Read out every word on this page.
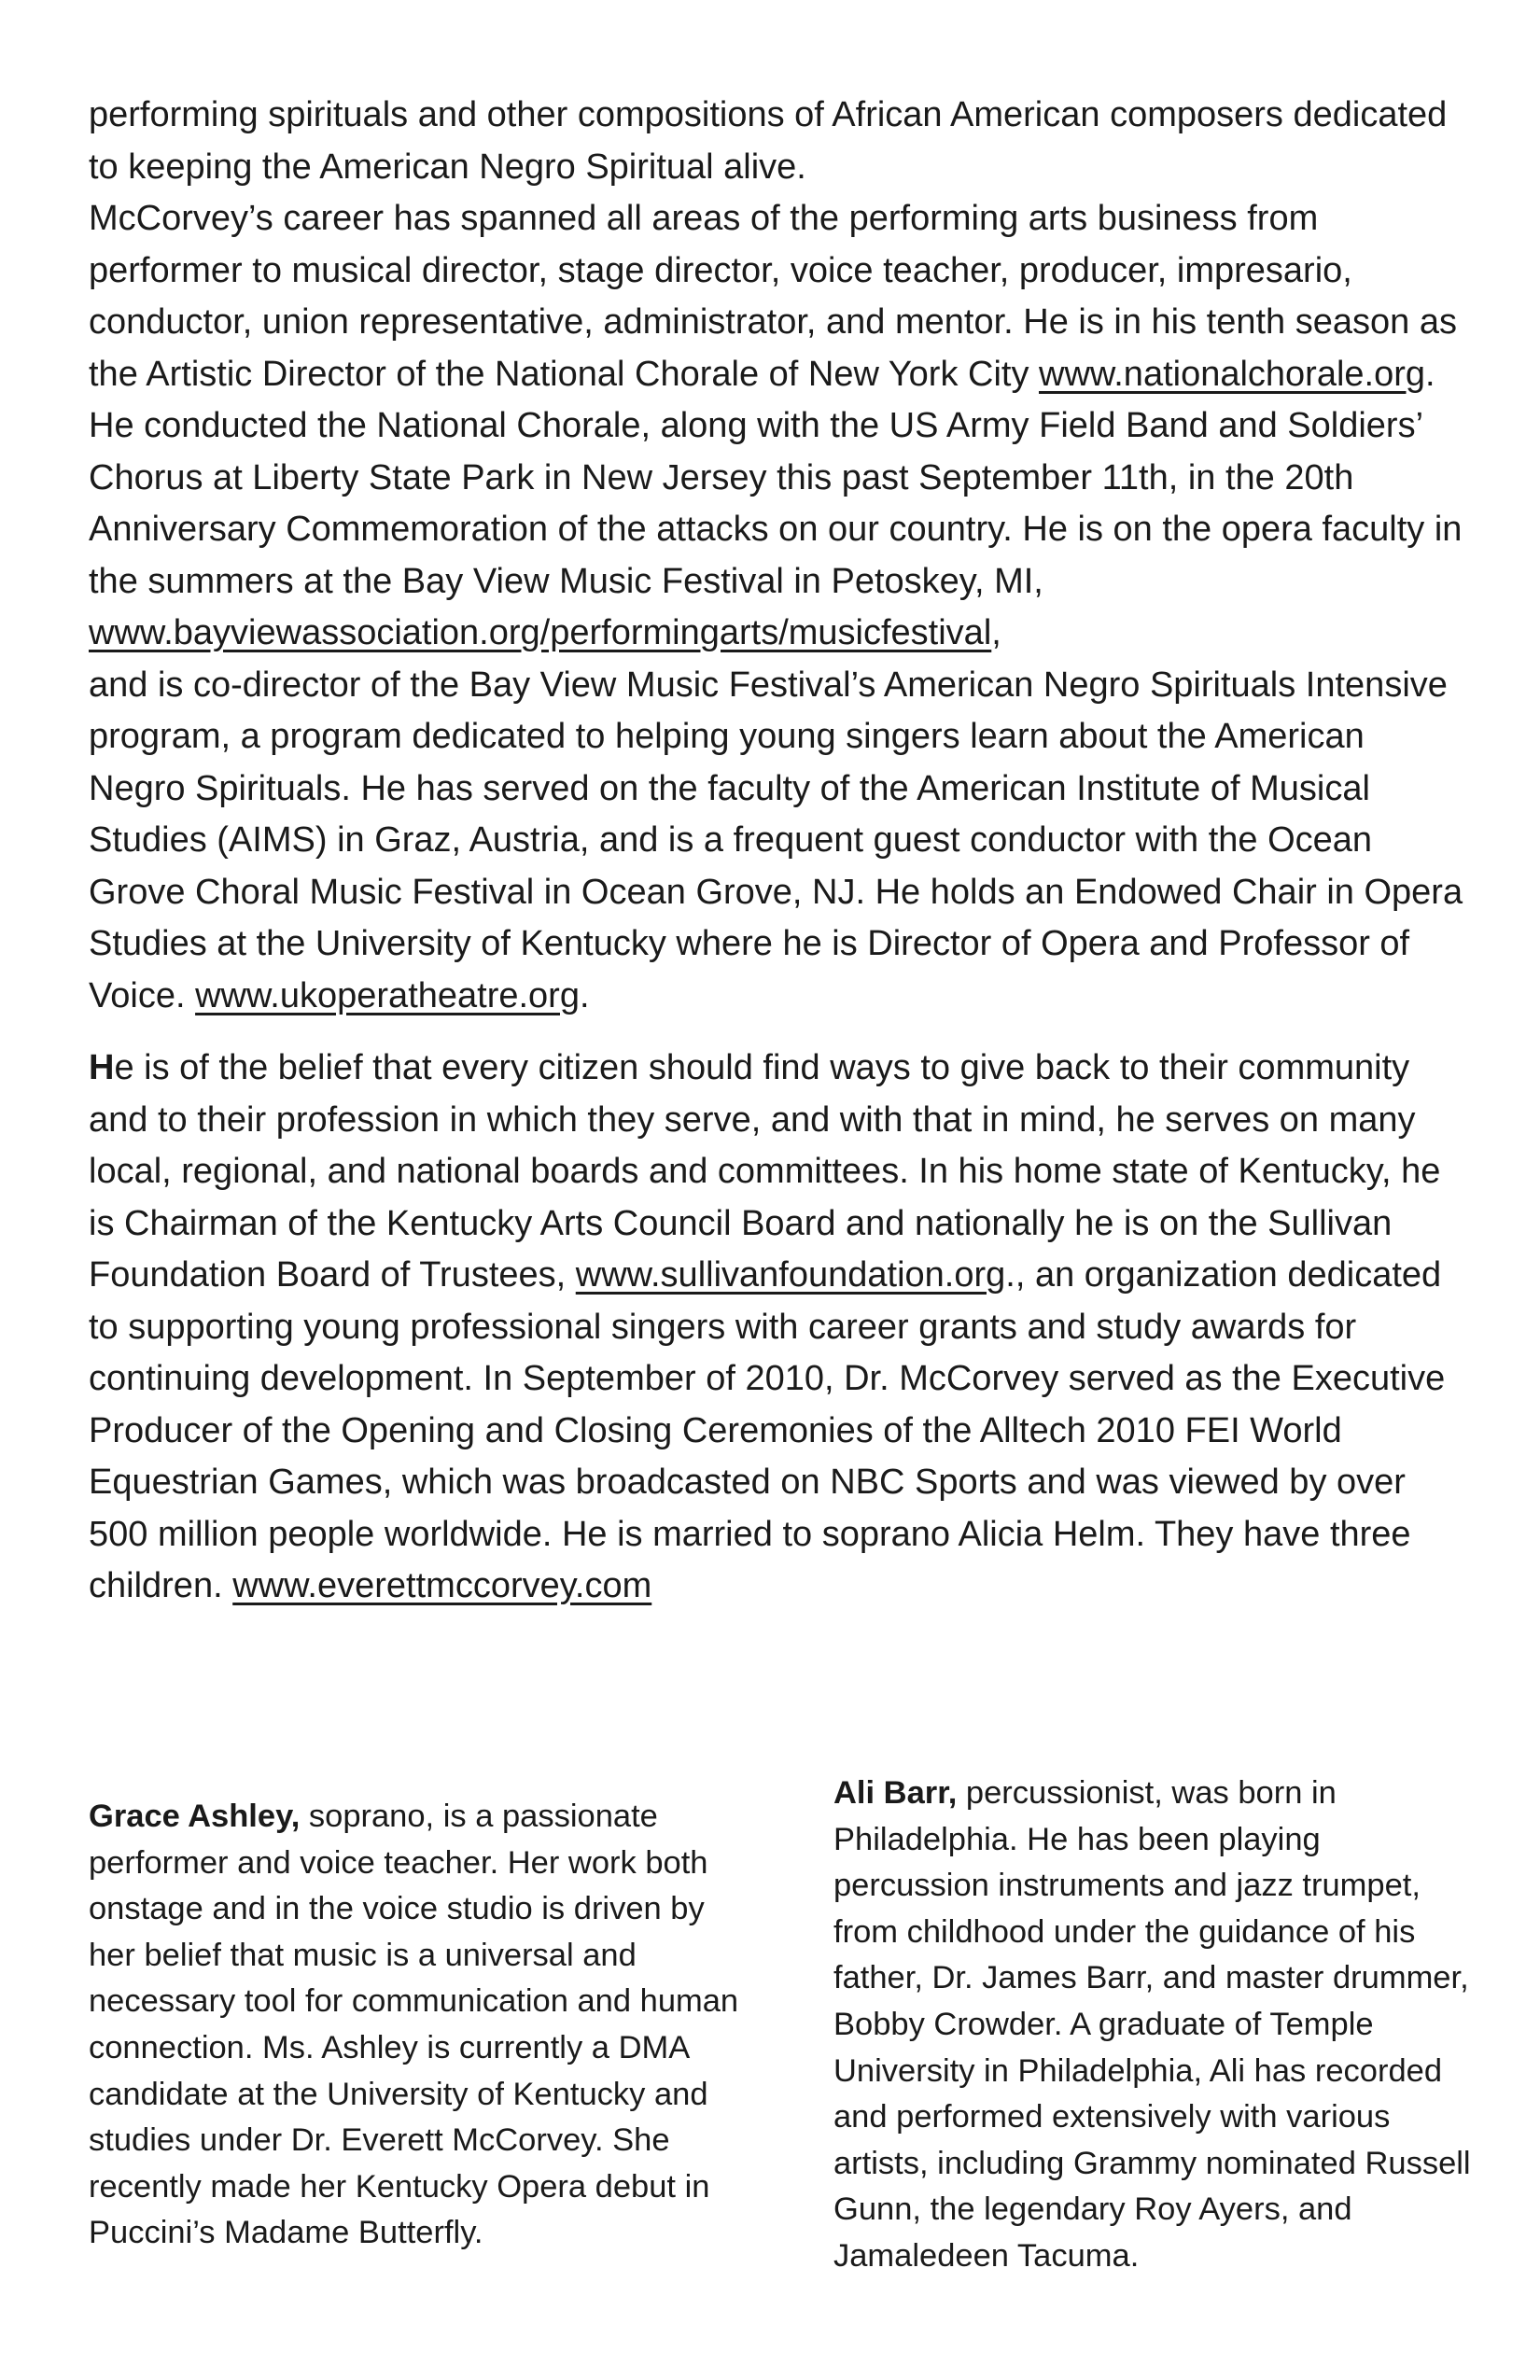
performing spirituals and other compositions of African American composers dedicated to keeping the American Negro Spiritual alive.

McCorvey’s career has spanned all areas of the performing arts business from performer to musical director, stage director, voice teacher, producer, impresario, conductor, union representative, administrator, and mentor. He is in his tenth season as the Artistic Director of the National Chorale of New York City www.nationalchorale.org. He conducted the National Chorale, along with the US Army Field Band and Soldiers’ Chorus at Liberty State Park in New Jersey this past September 11th, in the 20th Anniversary Commemoration of the attacks on our country. He is on the opera faculty in the summers at the Bay View Music Festival in Petoskey, MI,
www.bayviewassociation.org/performingarts/musicfestival,
and is co-director of the Bay View Music Festival’s American Negro Spirituals Intensive program, a program dedicated to helping young singers learn about the American Negro Spirituals. He has served on the faculty of the American Institute of Musical Studies (AIMS) in Graz, Austria, and is a frequent guest conductor with the Ocean Grove Choral Music Festival in Ocean Grove, NJ. He holds an Endowed Chair in Opera Studies at the University of Kentucky where he is Director of Opera and Professor of Voice. www.ukoperatheatre.org.

He is of the belief that every citizen should find ways to give back to their community and to their profession in which they serve, and with that in mind, he serves on many local, regional, and national boards and committees. In his home state of Kentucky, he is Chairman of the Kentucky Arts Council Board and nationally he is on the Sullivan Foundation Board of Trustees, www.sullivanfoundation.org., an organization dedicated to supporting young professional singers with career grants and study awards for continuing development. In September of 2010, Dr. McCorvey served as the Executive Producer of the Opening and Closing Ceremonies of the Alltech 2010 FEI World Equestrian Games, which was broadcasted on NBC Sports and was viewed by over 500 million people worldwide. He is married to soprano Alicia Helm. They have three children. www.everettmccorvey.com

Grace Ashley, soprano, is a passionate performer and voice teacher. Her work both onstage and in the voice studio is driven by her belief that music is a universal and necessary tool for communication and human connection. Ms. Ashley is currently a DMA candidate at the University of Kentucky and studies under Dr. Everett McCorvey. She recently made her Kentucky Opera debut in Puccini’s Madame Butterfly.

Ali Barr, percussionist, was born in Philadelphia. He has been playing percussion instruments and jazz trumpet, from childhood under the guidance of his father, Dr. James Barr, and master drummer, Bobby Crowder. A graduate of Temple University in Philadelphia, Ali has recorded and performed extensively with various artists, including Grammy nominated Russell Gunn, the legendary Roy Ayers, and Jamaledeen Tacuma.
